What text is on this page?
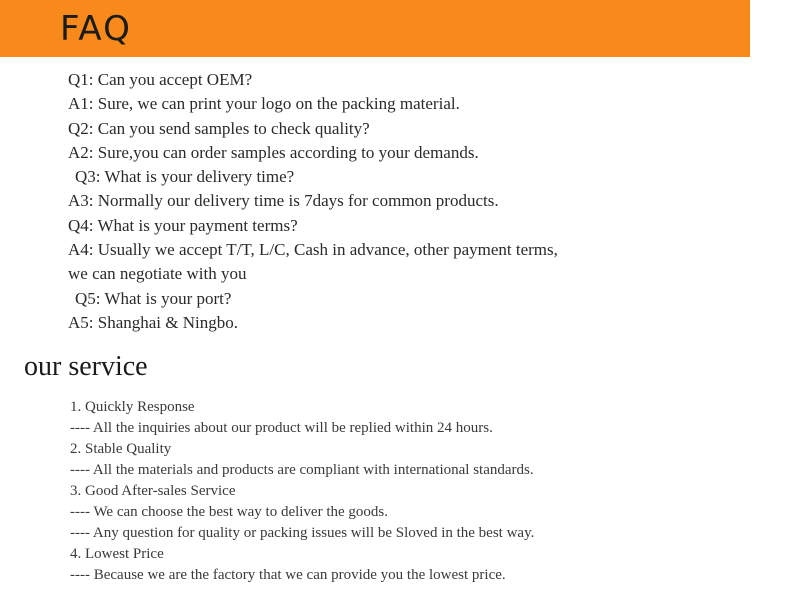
FAQ
Q1: Can you accept OEM?
A1: Sure, we can print your logo on the packing material.
Q2: Can you send samples to check quality?
A2: Sure,you can order samples according to your demands.
Q3: What is your delivery time?
A3: Normally our delivery time is 7days for common products.
Q4: What is your payment terms?
A4: Usually we accept T/T, L/C, Cash in advance, other payment terms,
we can negotiate with you
Q5: What is your port?
A5: Shanghai & Ningbo.
our service
1. Quickly Response
---- All the inquiries about our product will be replied within 24 hours.
2. Stable Quality
---- All the materials and products are compliant with international standards.
3. Good After-sales Service
---- We can choose the best way to deliver the goods.
---- Any question for quality or packing issues will be Sloved in the best way.
4. Lowest Price
---- Because we are the factory that we can provide you the lowest price.
